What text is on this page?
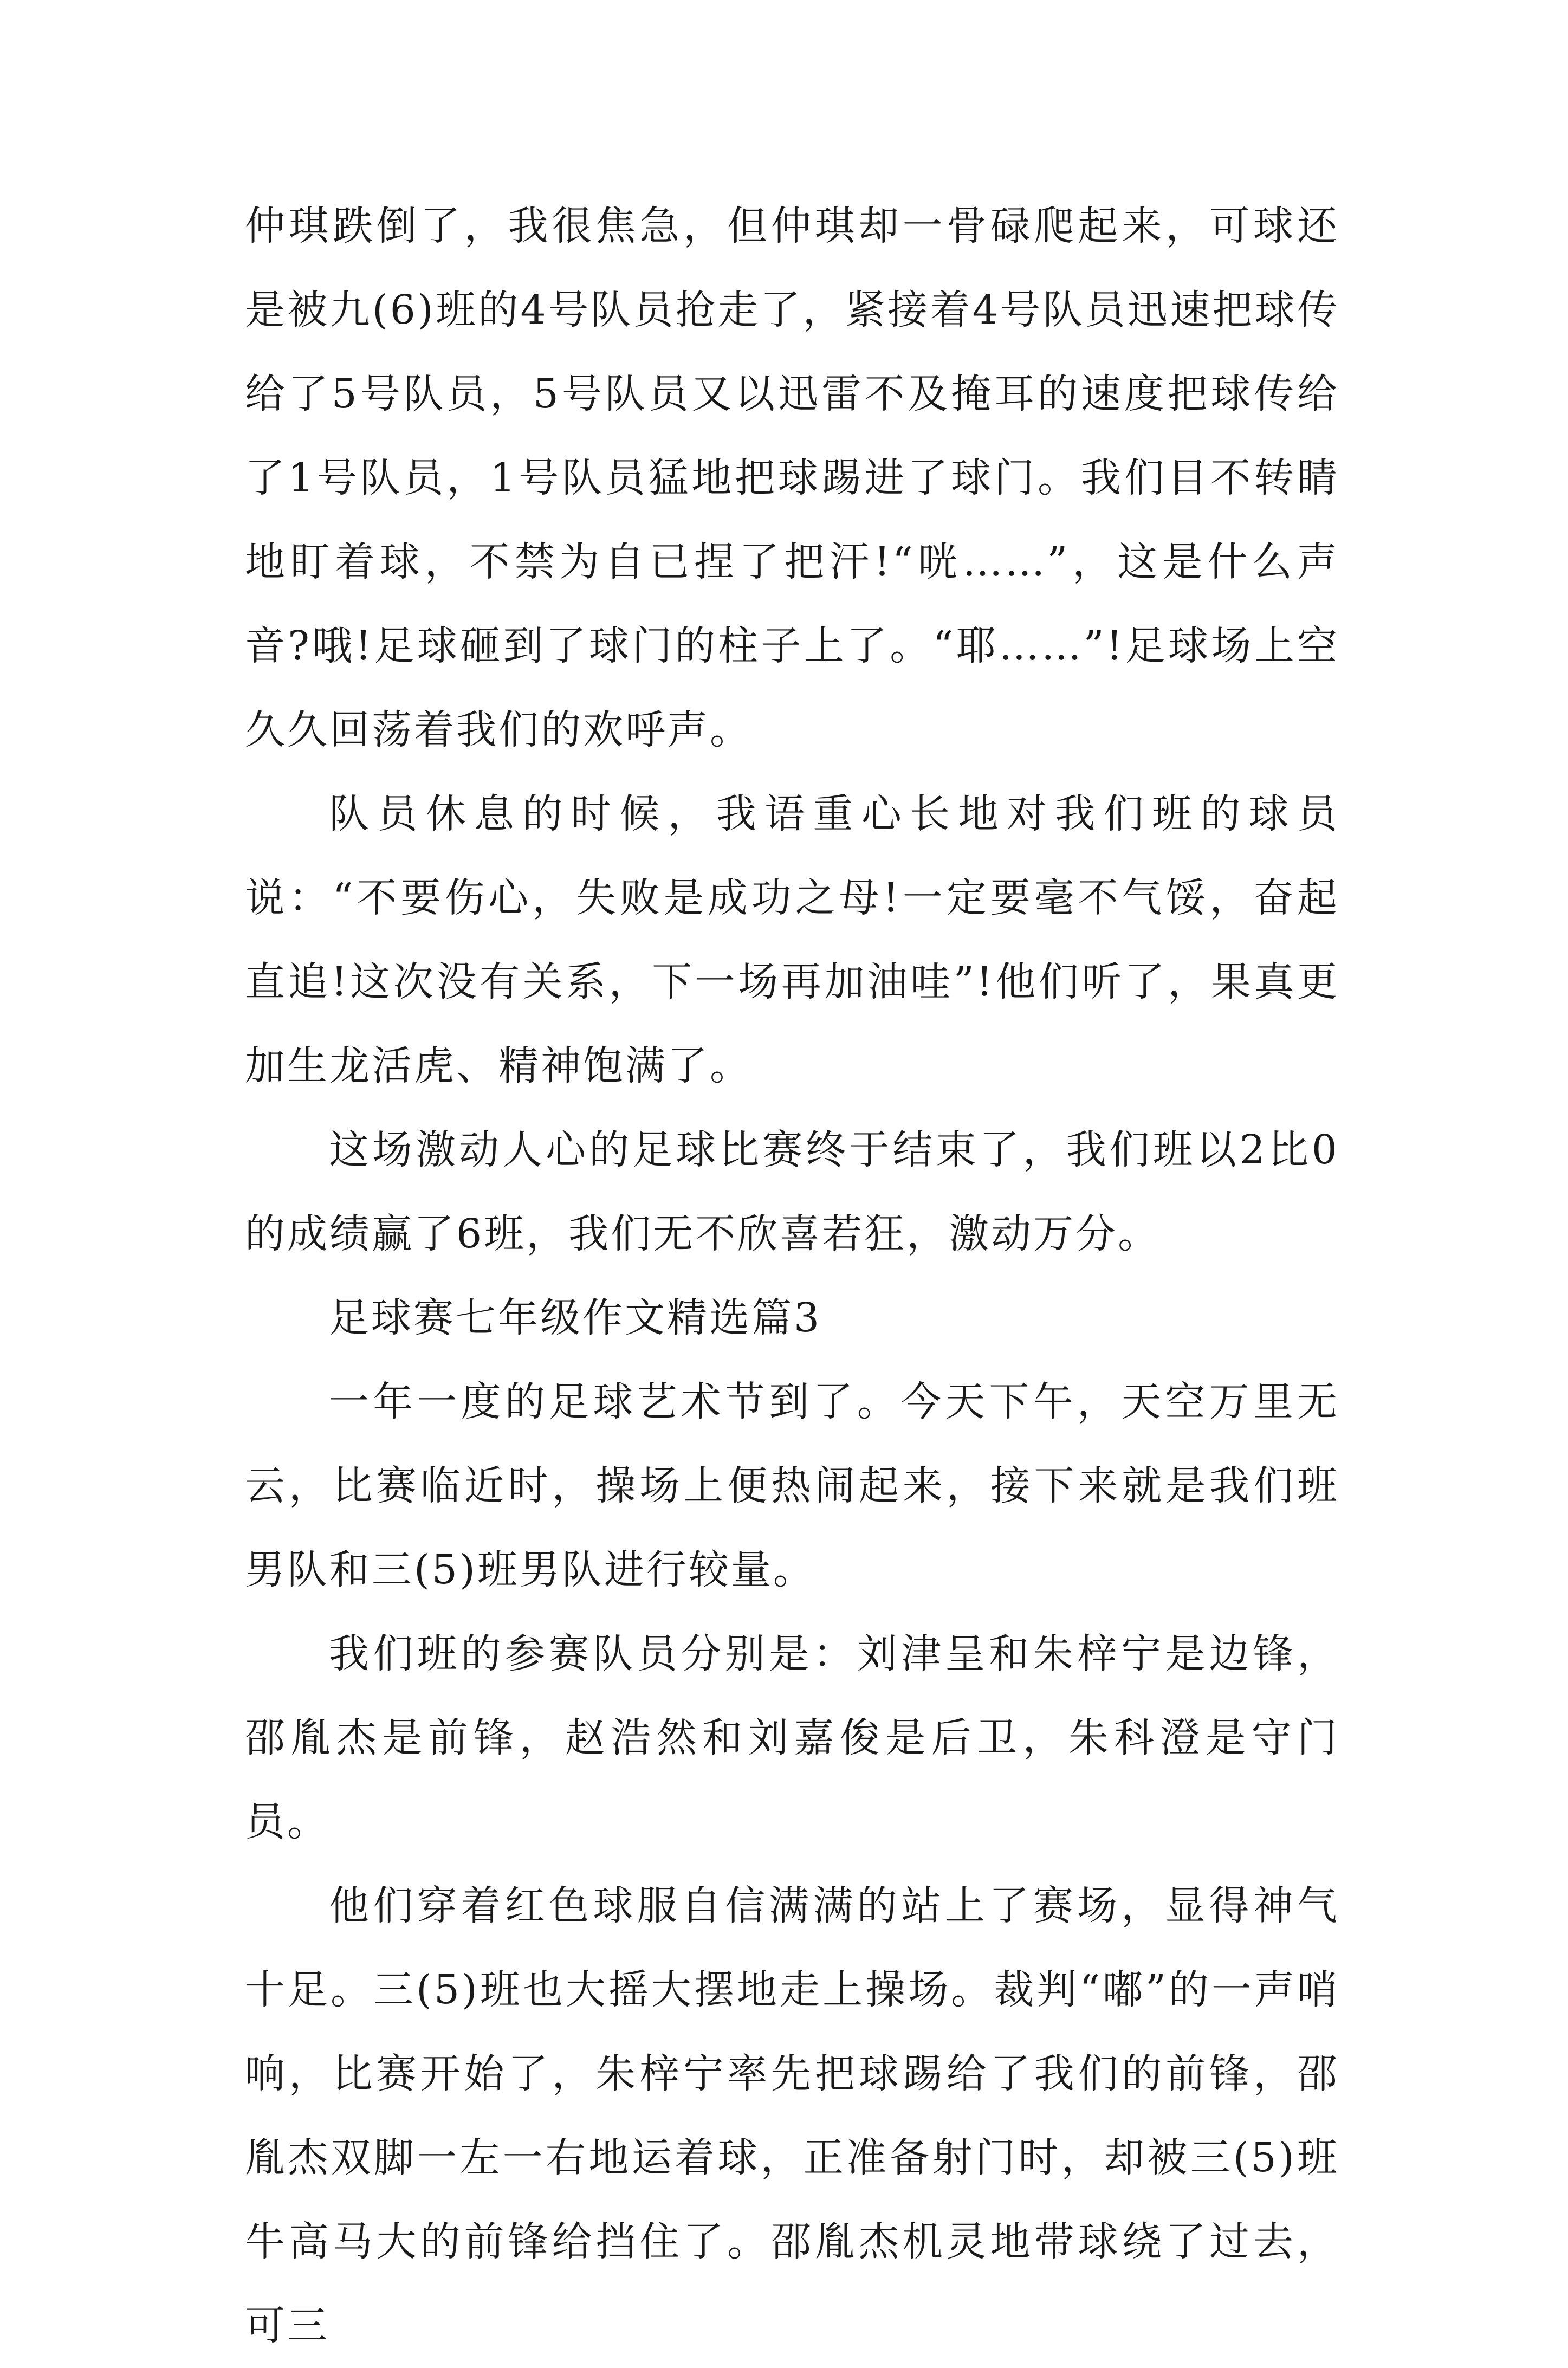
仲琪跌倒了，我很焦急，但仲琪却一骨碌爬起来，可球还是被九(6)班的4号队员抢走了，紧接着4号队员迅速把球传给了5号队员，5号队员又以迅雷不及掩耳的速度把球传给了1号队员，1号队员猛地把球踢进了球门。我们目不转睛地盯着球，不禁为自已捏了把汗!“咣……”，这是什么声音?哦!足球砸到了球门的柱子上了。“耶……”!足球场上空久久回荡着我们的欢呼声。

队员休息的时候，我语重心长地对我们班的球员说：“不要伤心，失败是成功之母!一定要毫不气馁，奋起直追!这次没有关系，下一场再加油哇”!他们听了，果真更加生龙活虎、精神饱满了。

这场激动人心的足球比赛终于结束了，我们班以2比0的成绩赢了6班，我们无不欣喜若狂，激动万分。

足球赛七年级作文精选篇3

一年一度的足球艺术节到了。今天下午，天空万里无云，比赛临近时，操场上便热闹起来，接下来就是我们班男队和三(5)班男队进行较量。

我们班的参赛队员分别是：刘津呈和朱梓宁是边锋，邵胤杰是前锋，赵浩然和刘嘉俊是后卫，朱科澄是守门员。

他们穿着红色球服自信满满的站上了赛场，显得神气十足。三(5)班也大摇大摆地走上操场。裁判“嘟”的一声哨响，比赛开始了，朱梓宁率先把球踢给了我们的前锋，邵胤杰双脚一左一右地运着球，正准备射门时，却被三(5)班牛高马大的前锋给挡住了。邵胤杰机灵地带球绕了过去，可三
